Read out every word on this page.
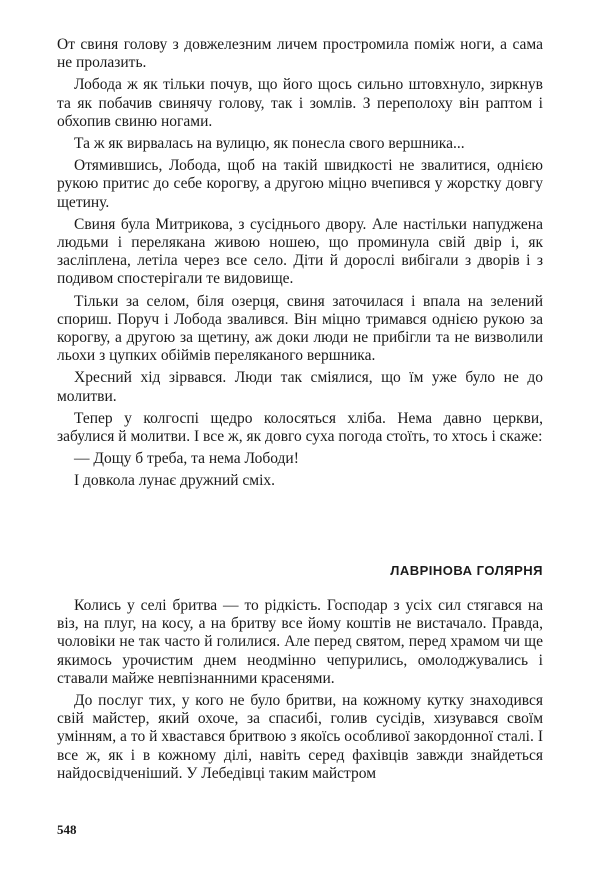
От свиня голову з довжелезним личем простромила поміж ноги, а сама не пролазить.

Лобода ж як тільки почув, що його щось сильно штовхнуло, зиркнув та як побачив свинячу голову, так і зомлів. З переполоху він раптом і обхопив свиню ногами.

Та ж як вирвалась на вулицю, як понесла свого вершника...

Отямившись, Лобода, щоб на такій швидкості не звалитися, однією рукою притис до себе корогву, а другою міцно вчепився у жорстку довгу щетину.

Свиня була Митрикова, з сусіднього двору. Але настільки напуджена людьми і перелякана живою ношею, що проминула свій двір і, як засліплена, летіла через все село. Діти й дорослі вибігали з дворів і з подивом спостерігали те видовище.

Тільки за селом, біля озерця, свиня заточилася і впала на зелений спориш. Поруч і Лобода звалився. Він міцно тримався однією рукою за корогву, а другою за щетину, аж доки люди не прибігли та не визволили льохи з цупких обіймів переляканого вершника.

Хресний хід зірвався. Люди так сміялися, що їм уже було не до молитви.

Тепер у колгоспі щедро колосяться хліба. Нема давно церкви, забулися й молитви. І все ж, як довго суха погода стоїть, то хтось і скаже:

— Дощу б треба, та нема Лободи!

І довкола лунає дружний сміх.

ЛАВРІНОВА ГОЛЯРНЯ

Колись у селі бритва — то рідкість. Господар з усіх сил стягався на віз, на плуг, на косу, а на бритву все йому коштів не вистачало. Правда, чоловіки не так часто й голилися. Але перед святом, перед храмом чи ще якимось урочистим днем неодмінно чепурились, омолоджувались і ставали майже невпізнанними красенями.

До послуг тих, у кого не було бритви, на кожному кутку знаходився свій майстер, який охоче, за спасибі, голив сусідів, хизувався своїм умінням, а то й хвастався бритвою з якоїсь особливої закордонної сталі. І все ж, як і в кожному ділі, навіть серед фахівців завжди знайдеться найдосвідченіший. У Лебедівці таким майстром

548
